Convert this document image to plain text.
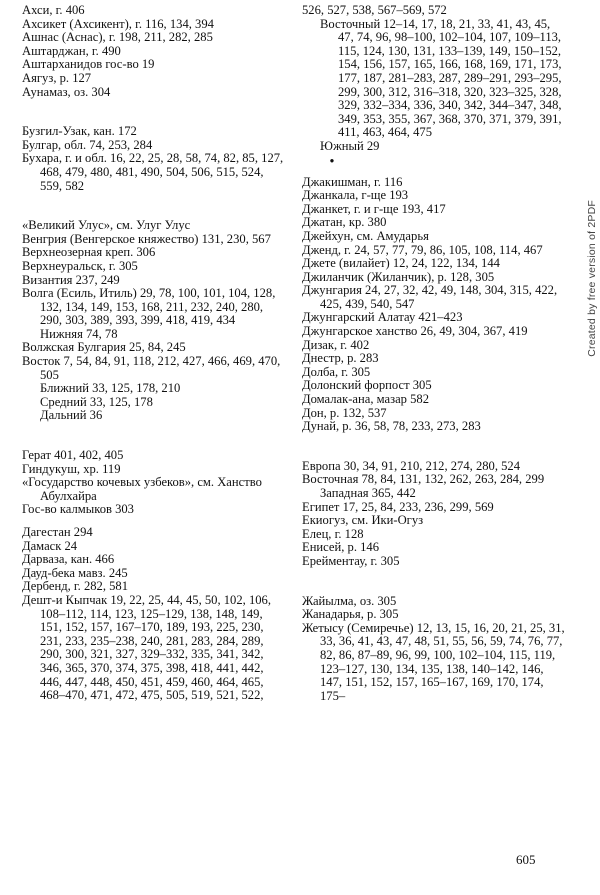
Ахси, г. 406
Ахсикет (Ахсикент), г. 116, 134, 394
Ашнас (Аснас), г. 198, 211, 282, 285
Аштарджан, г. 490
Аштарханидов гос-во 19
Аягуз, р. 127
Аунамаз, оз. 304
Бузгил-Узак, кан. 172
Булгар, обл. 74, 253, 284
Бухара, г. и обл. 16, 22, 25, 28, 58, 74, 82, 85, 127, 468, 479, 480, 481, 490, 504, 506, 515, 524, 559, 582
«Великий Улус», см. Улуг Улус
Венгрия (Венгерское княжество) 131, 230, 567
Верхнеозерная креп. 306
Верхнеуральск, г. 305
Византия 237, 249
Волга (Есиль, Итиль) 29, 78, 100, 101, 104, 128, 132, 134, 149, 153, 168, 211, 232, 240, 280, 290, 303, 389, 393, 399, 418, 419, 434
Нижняя 74, 78
Волжская Булгария 25, 84, 245
Восток 7, 54, 84, 91, 118, 212, 427, 466, 469, 470, 505
Ближний 33, 125, 178, 210
Средний 33, 125, 178
Дальний 36
Герат 401, 402, 405
Гиндукуш, хр. 119
«Государство кочевых узбеков», см. Ханство Абулхайра
Гос-во калмыков 303
Дагестан 294
Дамаск 24
Дарваза, кан. 466
Дауд-бека мавз. 245
Дербенд, г. 282, 581
Дешт-и Кыпчак 19, 22, 25, 44, 45, 50, 102, 106, 108–112, 114, 123, 125–129, 138, 148, 149, 151, 152, 157, 167–170, 189, 193, 225, 230, 231, 233, 235–238, 240, 281, 283, 284, 289, 290, 300, 321, 327, 329–332, 335, 341, 342, 346, 365, 370, 374, 375, 398, 418, 441, 442, 446, 447, 448, 450, 451, 459, 460, 464, 465, 468–470, 471, 472, 475, 505, 519, 521, 522,
526, 527, 538, 567–569, 572
Восточный 12–14, 17, 18, 21, 33, 41, 43, 45, 47, 74, 96, 98–100, 102–104, 107, 109–113, 115, 124, 130, 131, 133–139, 149, 150–152, 154, 156, 157, 165, 166, 168, 169, 171, 173, 177, 187, 281–283, 287, 289–291, 293–295, 299, 300, 312, 316–318, 320, 323–325, 328, 329, 332–334, 336, 340, 342, 344–347, 348, 349, 353, 355, 367, 368, 370, 371, 379, 391, 411, 463, 464, 475
Южный 29
•
Джакишман, г. 116
Джанкала, г-ще 193
Джанкет, г. и г-ще 193, 417
Джатан, кр. 380
Джейхун, см. Амударья
Дженд, г. 24, 57, 77, 79, 86, 105, 108, 114, 467
Джете (вилайет) 12, 24, 122, 134, 144
Джиланчик (Жиланчик), р. 128, 305
Джунгария 24, 27, 32, 42, 49, 148, 304, 315, 422, 425, 439, 540, 547
Джунгарский Алатау 421–423
Джунгарское ханство 26, 49, 304, 367, 419
Дизак, г. 402
Днестр, р. 283
Долба, г. 305
Долонский форпост 305
Домалак-ана, мазар 582
Дон, р. 132, 537
Дунай, р. 36, 58, 78, 233, 273, 283
Европа 30, 34, 91, 210, 212, 274, 280, 524
Восточная 78, 84, 131, 132, 262, 263, 284, 299
Западная 365, 442
Египет 17, 25, 84, 233, 236, 299, 569
Екиогуз, см. Ики-Огуз
Елец, г. 128
Енисей, р. 146
Ерейментау, г. 305
Жайылма, оз. 305
Жанадарья, р. 305
Жетысу (Семиречье) 12, 13, 15, 16, 20, 21, 25, 31, 33, 36, 41, 43, 47, 48, 51, 55, 56, 59, 74, 76, 77, 82, 86, 87–89, 96, 99, 100, 102–104, 115, 119, 123–127, 130, 134, 135, 138, 140–142, 146, 147, 151, 152, 157, 165–167, 169, 170, 174, 175–
605
Created by free version of 2PDF
